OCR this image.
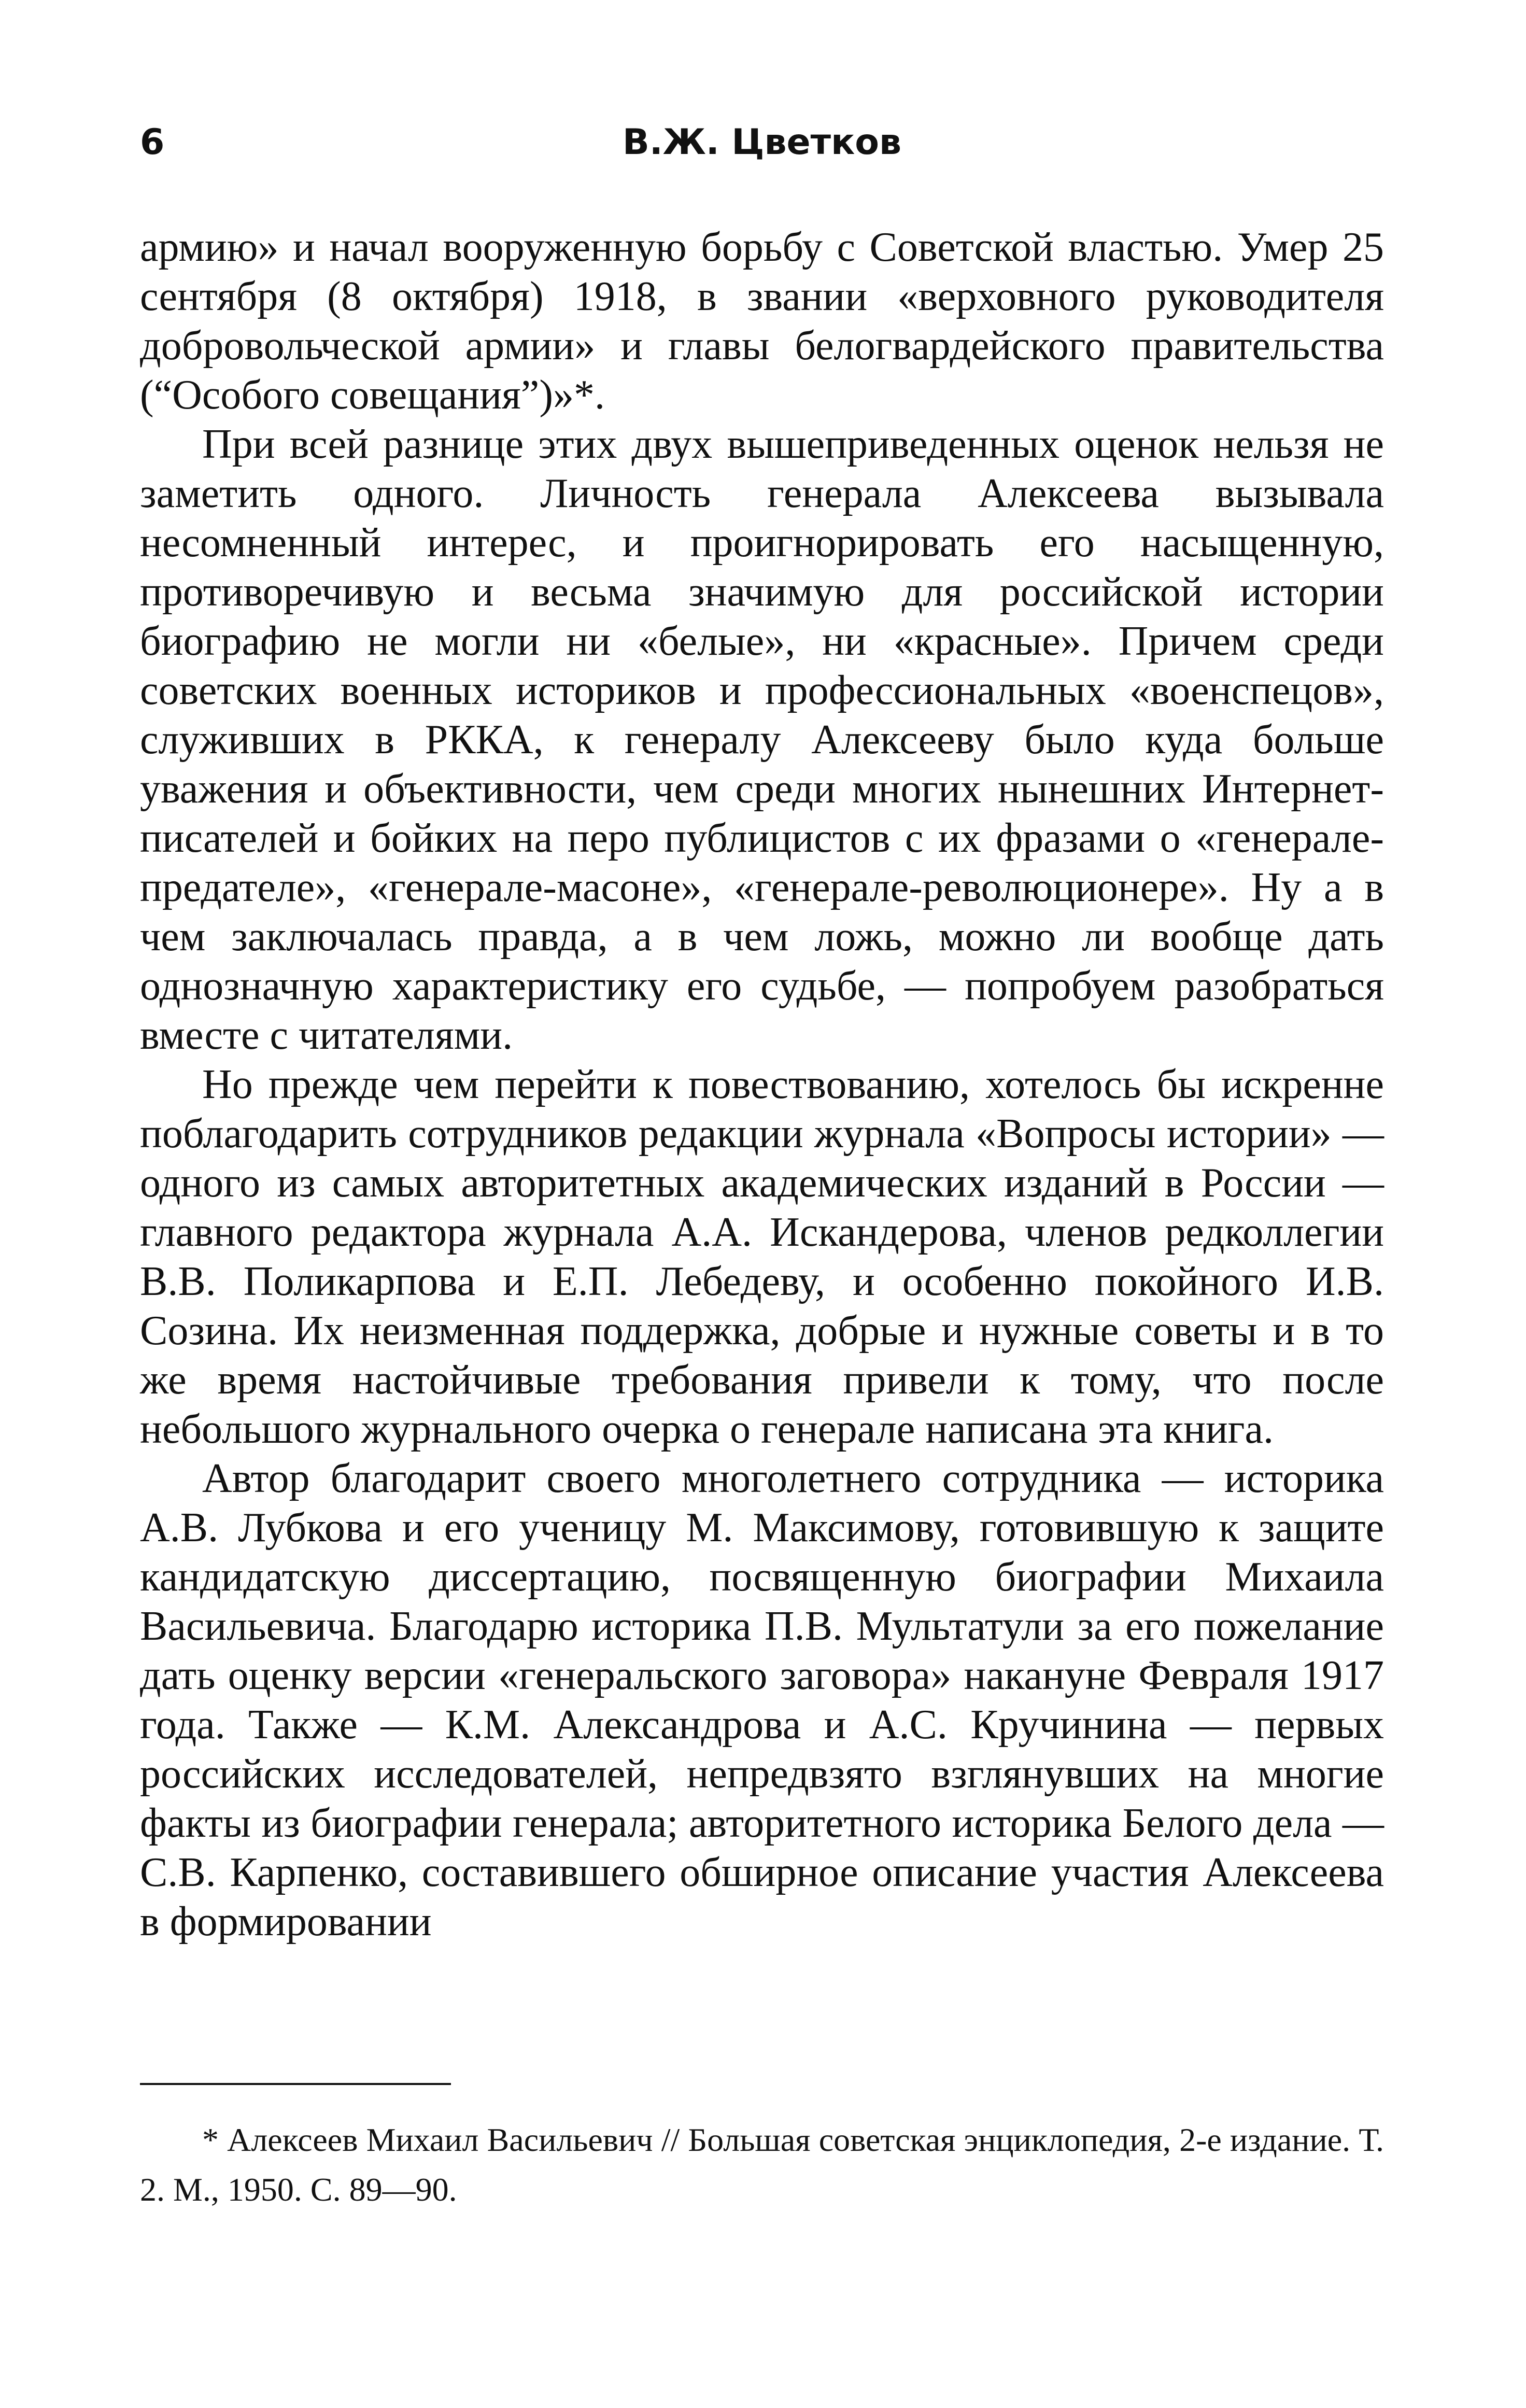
6	В.Ж. Цветков

армию» и начал вооруженную борьбу с Советской властью. Умер 25 сентября (8 октября) 1918, в звании «верховного руководителя добровольческой армии» и главы белогвардейского правительства (“Особого совещания”)»*.

При всей разнице этих двух вышеприведенных оценок нельзя не заметить одного. Личность генерала Алексеева вызывала несомненный интерес, и проигнорировать его насыщенную, противоречивую и весьма значимую для российской истории биографию не могли ни «белые», ни «красные». Причем среди советских военных историков и профессиональных «военспецов», служивших в РККА, к генералу Алексееву было куда больше уважения и объективности, чем среди многих нынешних Интернет-писателей и бойких на перо публицистов с их фразами о «генерале-предателе», «генерале-масоне», «генерале-революционере». Ну а в чем заключалась правда, а в чем ложь, можно ли вообще дать однозначную характеристику его судьбе, — попробуем разобраться вместе с читателями.

Но прежде чем перейти к повествованию, хотелось бы искренне поблагодарить сотрудников редакции журнала «Вопросы истории» — одного из самых авторитетных академических изданий в России — главного редактора журнала А.А. Искандерова, членов редколлегии В.В. Поликарпова и Е.П. Лебедеву, и особенно покойного И.В. Созина. Их неизменная поддержка, добрые и нужные советы и в то же время настойчивые требования привели к тому, что после небольшого журнального очерка о генерале написана эта книга.

Автор благодарит своего многолетнего сотрудника — историка А.В. Лубкова и его ученицу М. Максимову, готовившую к защите кандидатскую диссертацию, посвященную биографии Михаила Васильевича. Благодарю историка П.В. Мультатули за его пожелание дать оценку версии «генеральского заговора» накануне Февраля 1917 года. Также — К.М. Александрова и А.С. Кручинина — первых российских исследователей, непредвзято взглянувших на многие факты из биографии генерала; авторитетного историка Белого дела — С.В. Карпенко, составившего обширное описание участия Алексеева в формировании

* Алексеев Михаил Васильевич // Большая советская энциклопедия, 2-е издание. Т. 2. М., 1950. С. 89—90.
